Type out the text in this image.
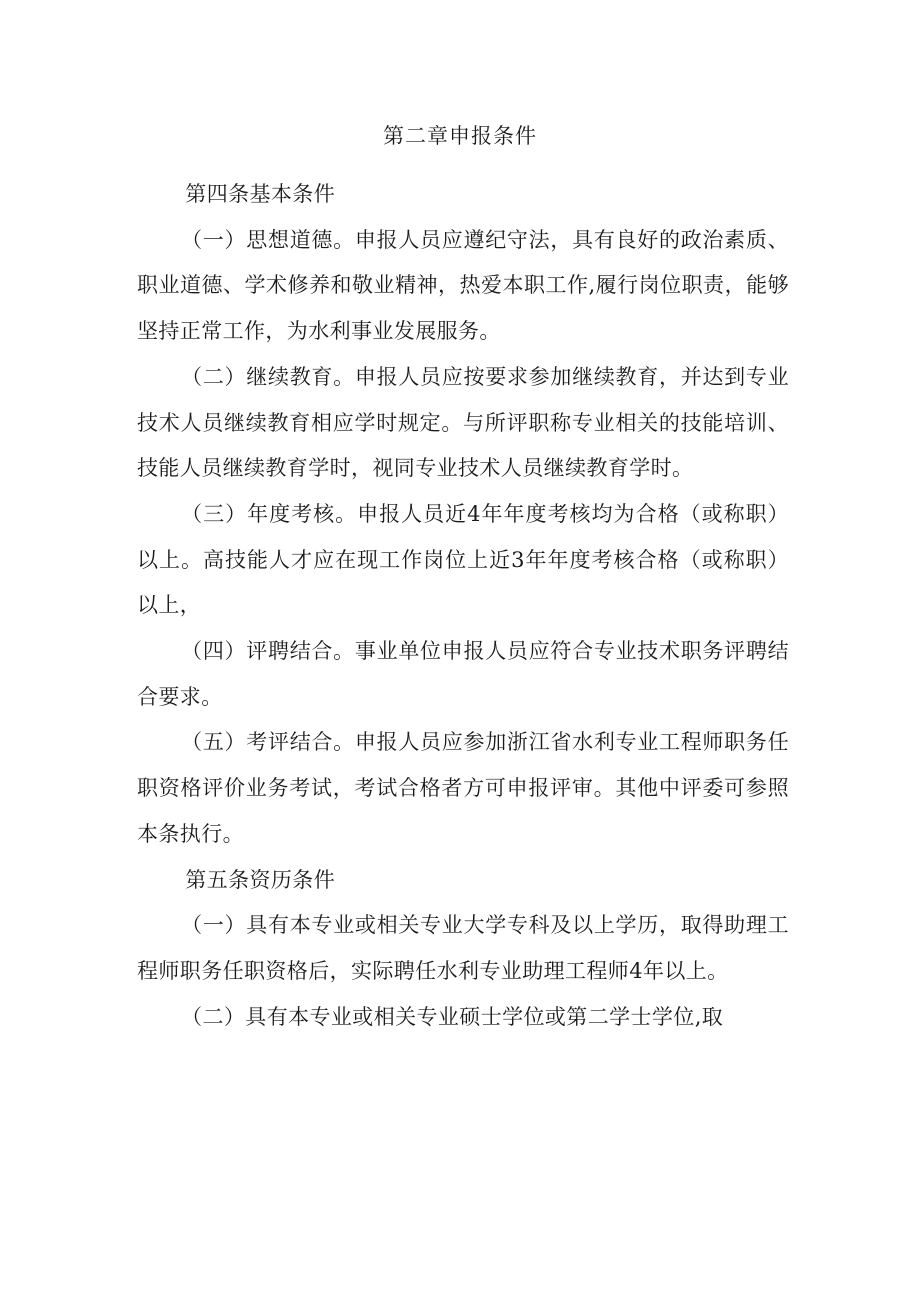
第二章申报条件

第四条基本条件

（一）思想道德。申报人员应遵纪守法，具有良好的政治素质、职业道德、学术修养和敬业精神，热爱本职工作,履行岗位职责，能够坚持正常工作，为水利事业发展服务。

（二）继续教育。申报人员应按要求参加继续教育，并达到专业技术人员继续教育相应学时规定。与所评职称专业相关的技能培训、技能人员继续教育学时，视同专业技术人员继续教育学时。

（三）年度考核。申报人员近4年年度考核均为合格（或称职）以上。高技能人才应在现工作岗位上近3年年度考核合格（或称职）以上，

（四）评聘结合。事业单位申报人员应符合专业技术职务评聘结合要求。

（五）考评结合。申报人员应参加浙江省水利专业工程师职务任职资格评价业务考试，考试合格者方可申报评审。其他中评委可参照本条执行。

第五条资历条件

（一）具有本专业或相关专业大学专科及以上学历，取得助理工程师职务任职资格后，实际聘任水利专业助理工程师4年以上。

（二）具有本专业或相关专业硕士学位或第二学士学位,取
